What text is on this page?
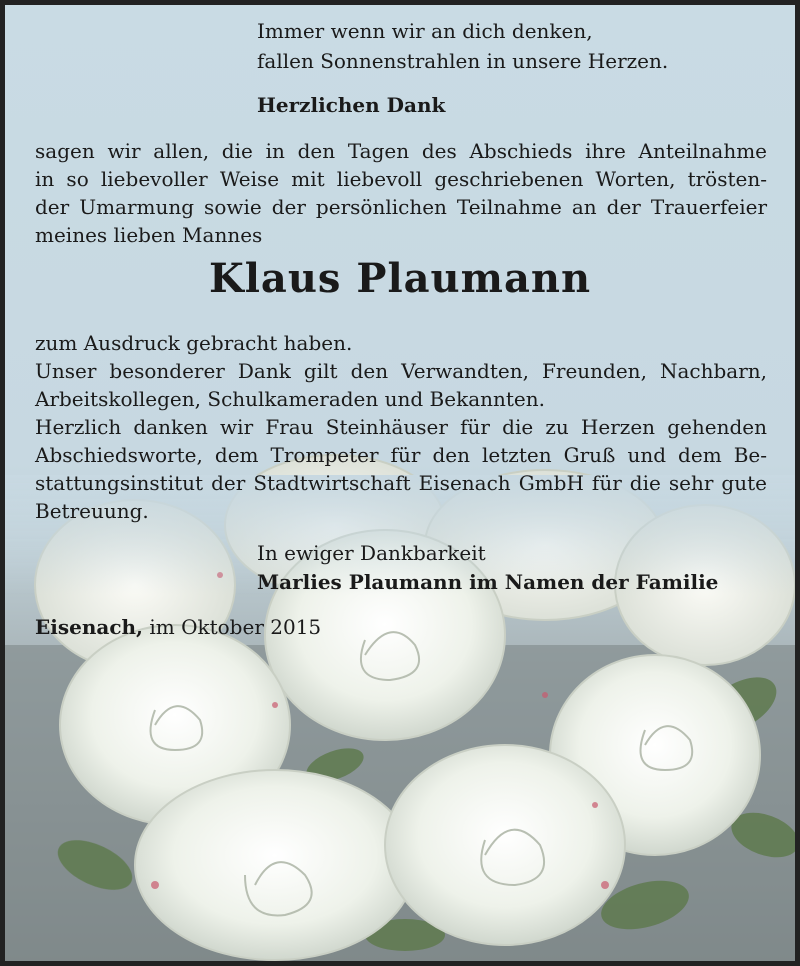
Immer wenn wir an dich denken,
fallen Sonnenstrahlen in unsere Herzen.
Herzlichen Dank
sagen wir allen, die in den Tagen des Abschieds ihre Anteilnahme
in so liebevoller Weise mit liebevoll geschriebenen Worten, trösten-
der Umarmung sowie der persönlichen Teilnahme an der Trauerfeier
meines lieben Mannes
Klaus Plaumann
zum Ausdruck gebracht haben.
Unser besonderer Dank gilt den Verwandten, Freunden, Nachbarn,
Arbeitskollegen, Schulkameraden und Bekannten.
Herzlich danken wir Frau Steinhäuser für die zu Herzen gehenden
Abschiedsworte, dem Trompeter für den letzten Gruß und dem Be-
stattungsinstitut der Stadtwirtschaft Eisenach GmbH für die sehr gute
Betreuung.
In ewiger Dankbarkeit
Marlies Plaumann im Namen der Familie
Eisenach, im Oktober 2015
